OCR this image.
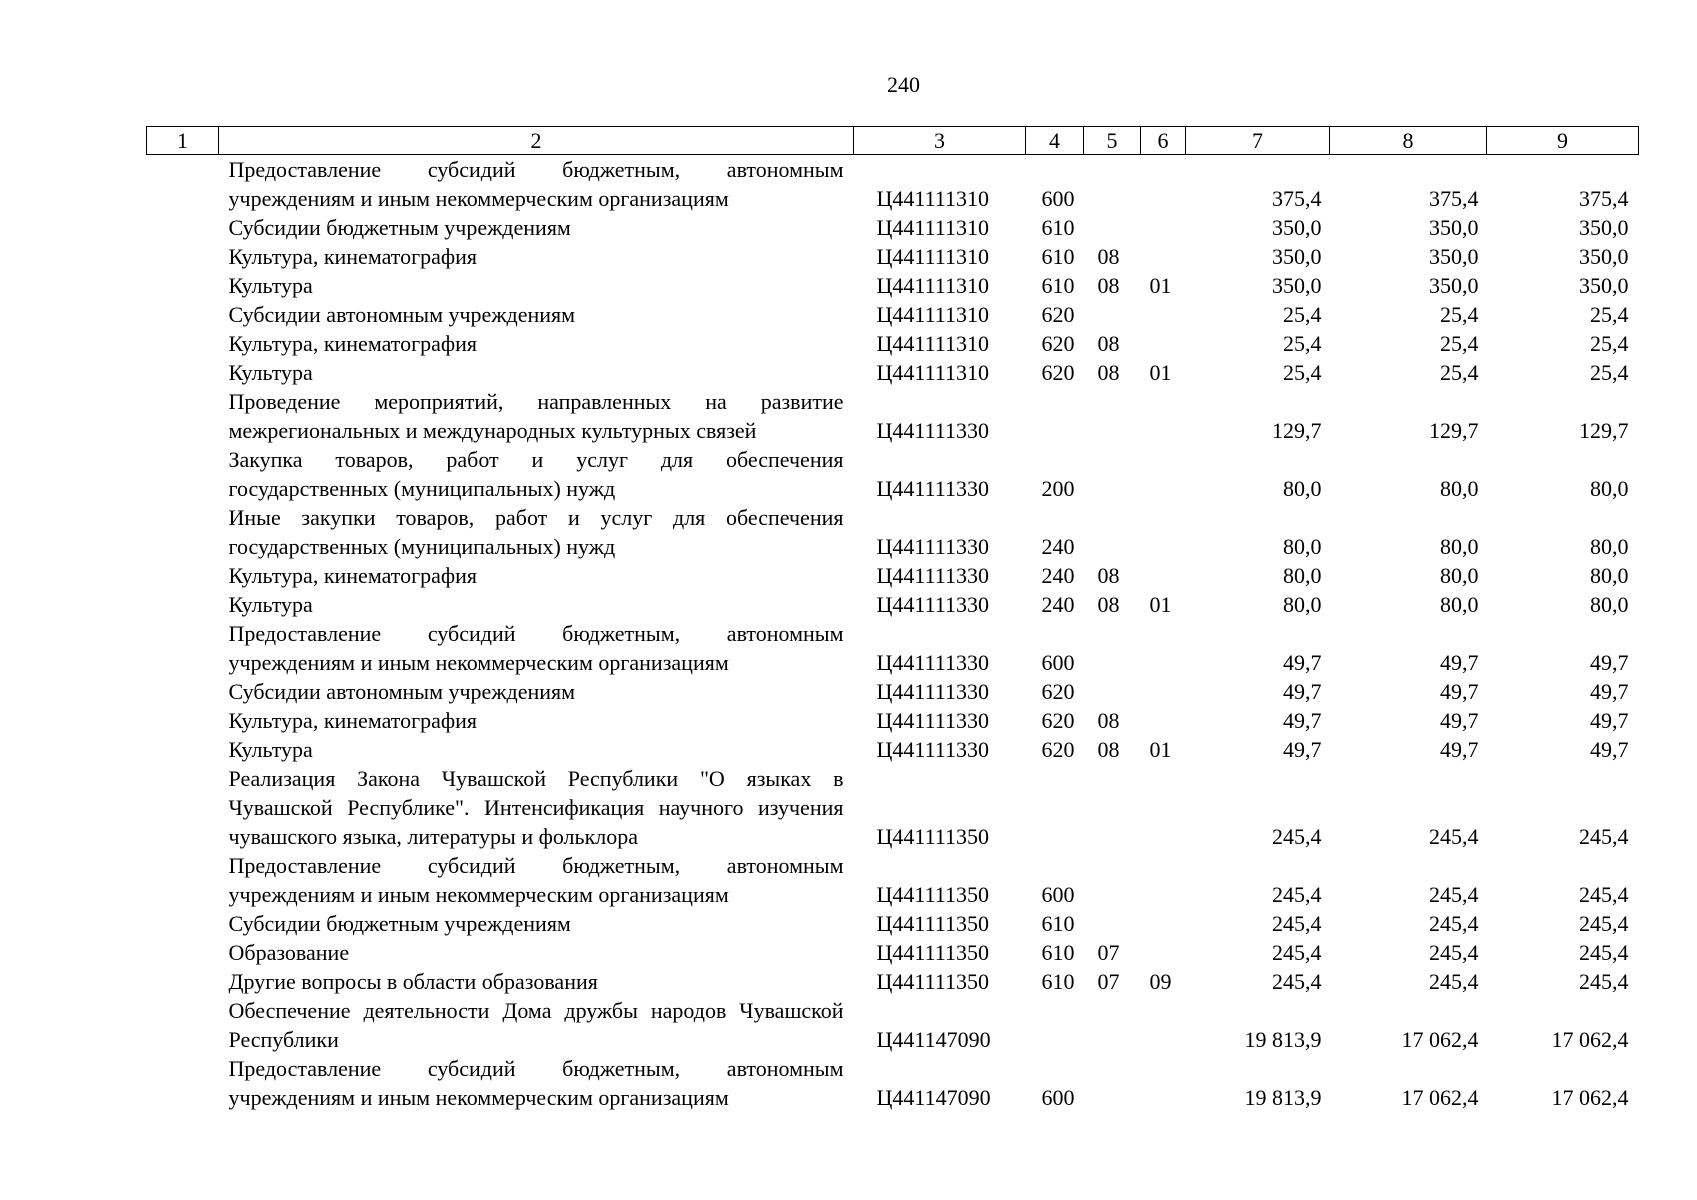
240
1	2	3	4	5	6	7	8	9
	Предоставление субсидий бюджетным, автономным учреждениям и иным некоммерческим организациям	Ц441111310	600			375,4	375,4	375,4
	Субсидии бюджетным учреждениям	Ц441111310	610			350,0	350,0	350,0
	Культура, кинематография	Ц441111310	610	08		350,0	350,0	350,0
	Культура	Ц441111310	610	08	01	350,0	350,0	350,0
	Субсидии автономным учреждениям	Ц441111310	620			25,4	25,4	25,4
	Культура, кинематография	Ц441111310	620	08		25,4	25,4	25,4
	Культура	Ц441111310	620	08	01	25,4	25,4	25,4
	Проведение мероприятий, направленных на развитие межрегиональных и международных культурных связей	Ц441111330				129,7	129,7	129,7
	Закупка товаров, работ и услуг для обеспечения государственных (муниципальных) нужд	Ц441111330	200			80,0	80,0	80,0
	Иные закупки товаров, работ и услуг для обеспечения государственных (муниципальных) нужд	Ц441111330	240			80,0	80,0	80,0
	Культура, кинематография	Ц441111330	240	08		80,0	80,0	80,0
	Культура	Ц441111330	240	08	01	80,0	80,0	80,0
	Предоставление субсидий бюджетным, автономным учреждениям и иным некоммерческим организациям	Ц441111330	600			49,7	49,7	49,7
	Субсидии автономным учреждениям	Ц441111330	620			49,7	49,7	49,7
	Культура, кинематография	Ц441111330	620	08		49,7	49,7	49,7
	Культура	Ц441111330	620	08	01	49,7	49,7	49,7
	Реализация Закона Чувашской Республики "О языках в Чувашской Республике". Интенсификация научного изучения чувашского языка, литературы и фольклора	Ц441111350				245,4	245,4	245,4
	Предоставление субсидий бюджетным, автономным учреждениям и иным некоммерческим организациям	Ц441111350	600			245,4	245,4	245,4
	Субсидии бюджетным учреждениям	Ц441111350	610			245,4	245,4	245,4
	Образование	Ц441111350	610	07		245,4	245,4	245,4
	Другие вопросы в области образования	Ц441111350	610	07	09	245,4	245,4	245,4
	Обеспечение деятельности Дома дружбы народов Чувашской Республики	Ц441147090				19 813,9	17 062,4	17 062,4
	Предоставление субсидий бюджетным, автономным учреждениям и иным некоммерческим организациям	Ц441147090	600			19 813,9	17 062,4	17 062,4
